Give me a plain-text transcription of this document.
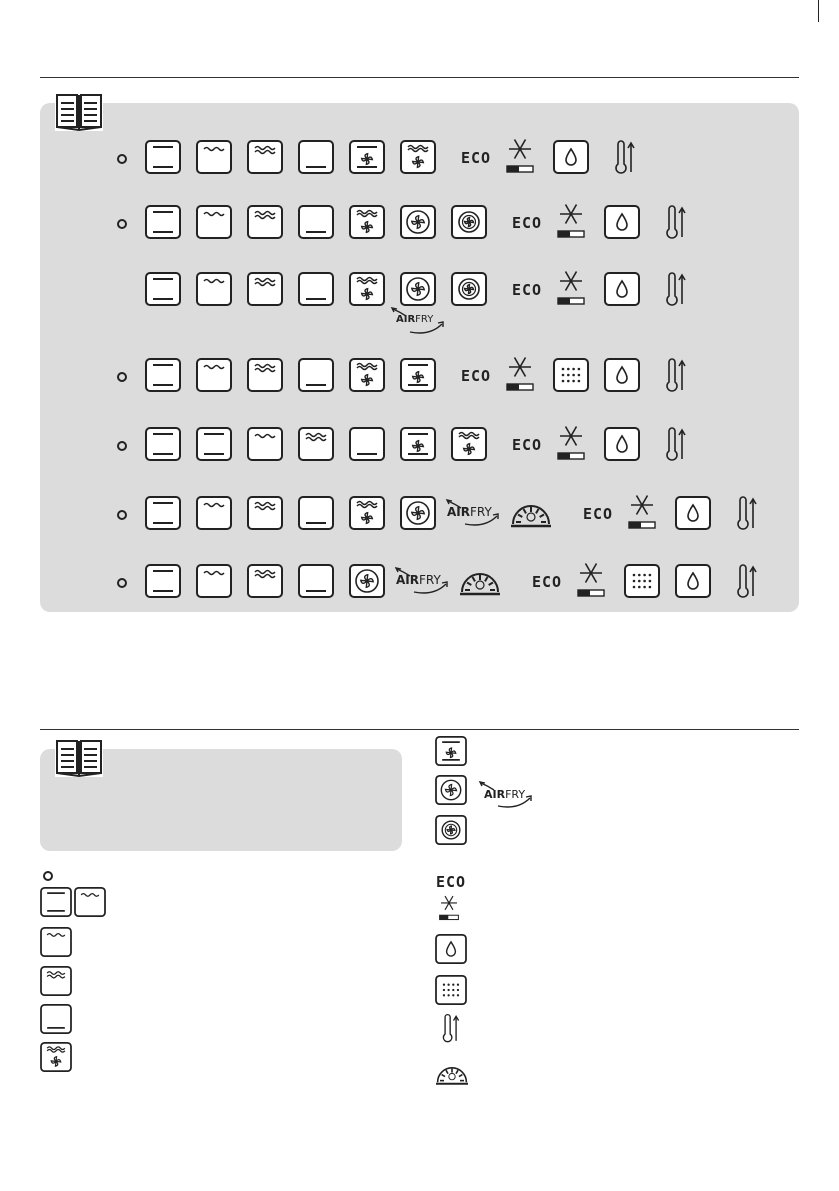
ECO
ECO
AIRFRY
ECO
ECO
ECO
AIRFRY	ECO
AIRFRY	ECO
AIRFRY
ECO
